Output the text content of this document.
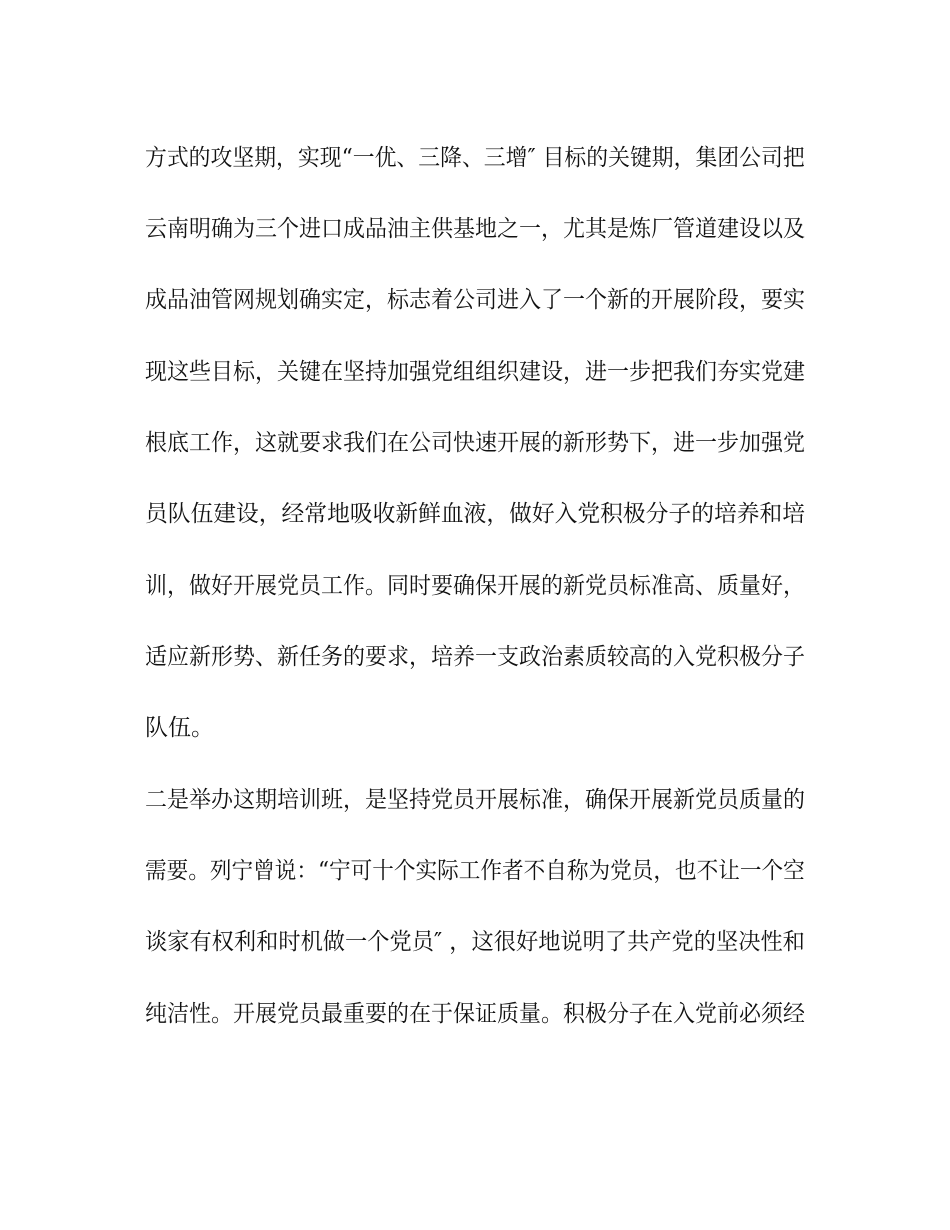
方式的攻坚期，实现“一优、三降、三增″ 目标的关键期，集团公司把
云南明确为三个进口成品油主供基地之一，尤其是炼厂管道建设以及
成品油管网规划确实定，标志着公司进入了一个新的开展阶段，要实
现这些目标，关键在坚持加强党组组织建设，进一步把我们夯实党建
根底工作，这就要求我们在公司快速开展的新形势下，进一步加强党
员队伍建设，经常地吸收新鲜血液，做好入党积极分子的培养和培
训，做好开展党员工作。同时要确保开展的新党员标准高、质量好，
适应新形势、新任务的要求，培养一支政治素质较高的入党积极分子
队伍。
二是举办这期培训班，是坚持党员开展标准，确保开展新党员质量的
需要。列宁曾说：“宁可十个实际工作者不自称为党员，也不让一个空
谈家有权利和时机做一个党员″ ，这很好地说明了共产党的坚决性和
纯洁性。开展党员最重要的在于保证质量。积极分子在入党前必须经
